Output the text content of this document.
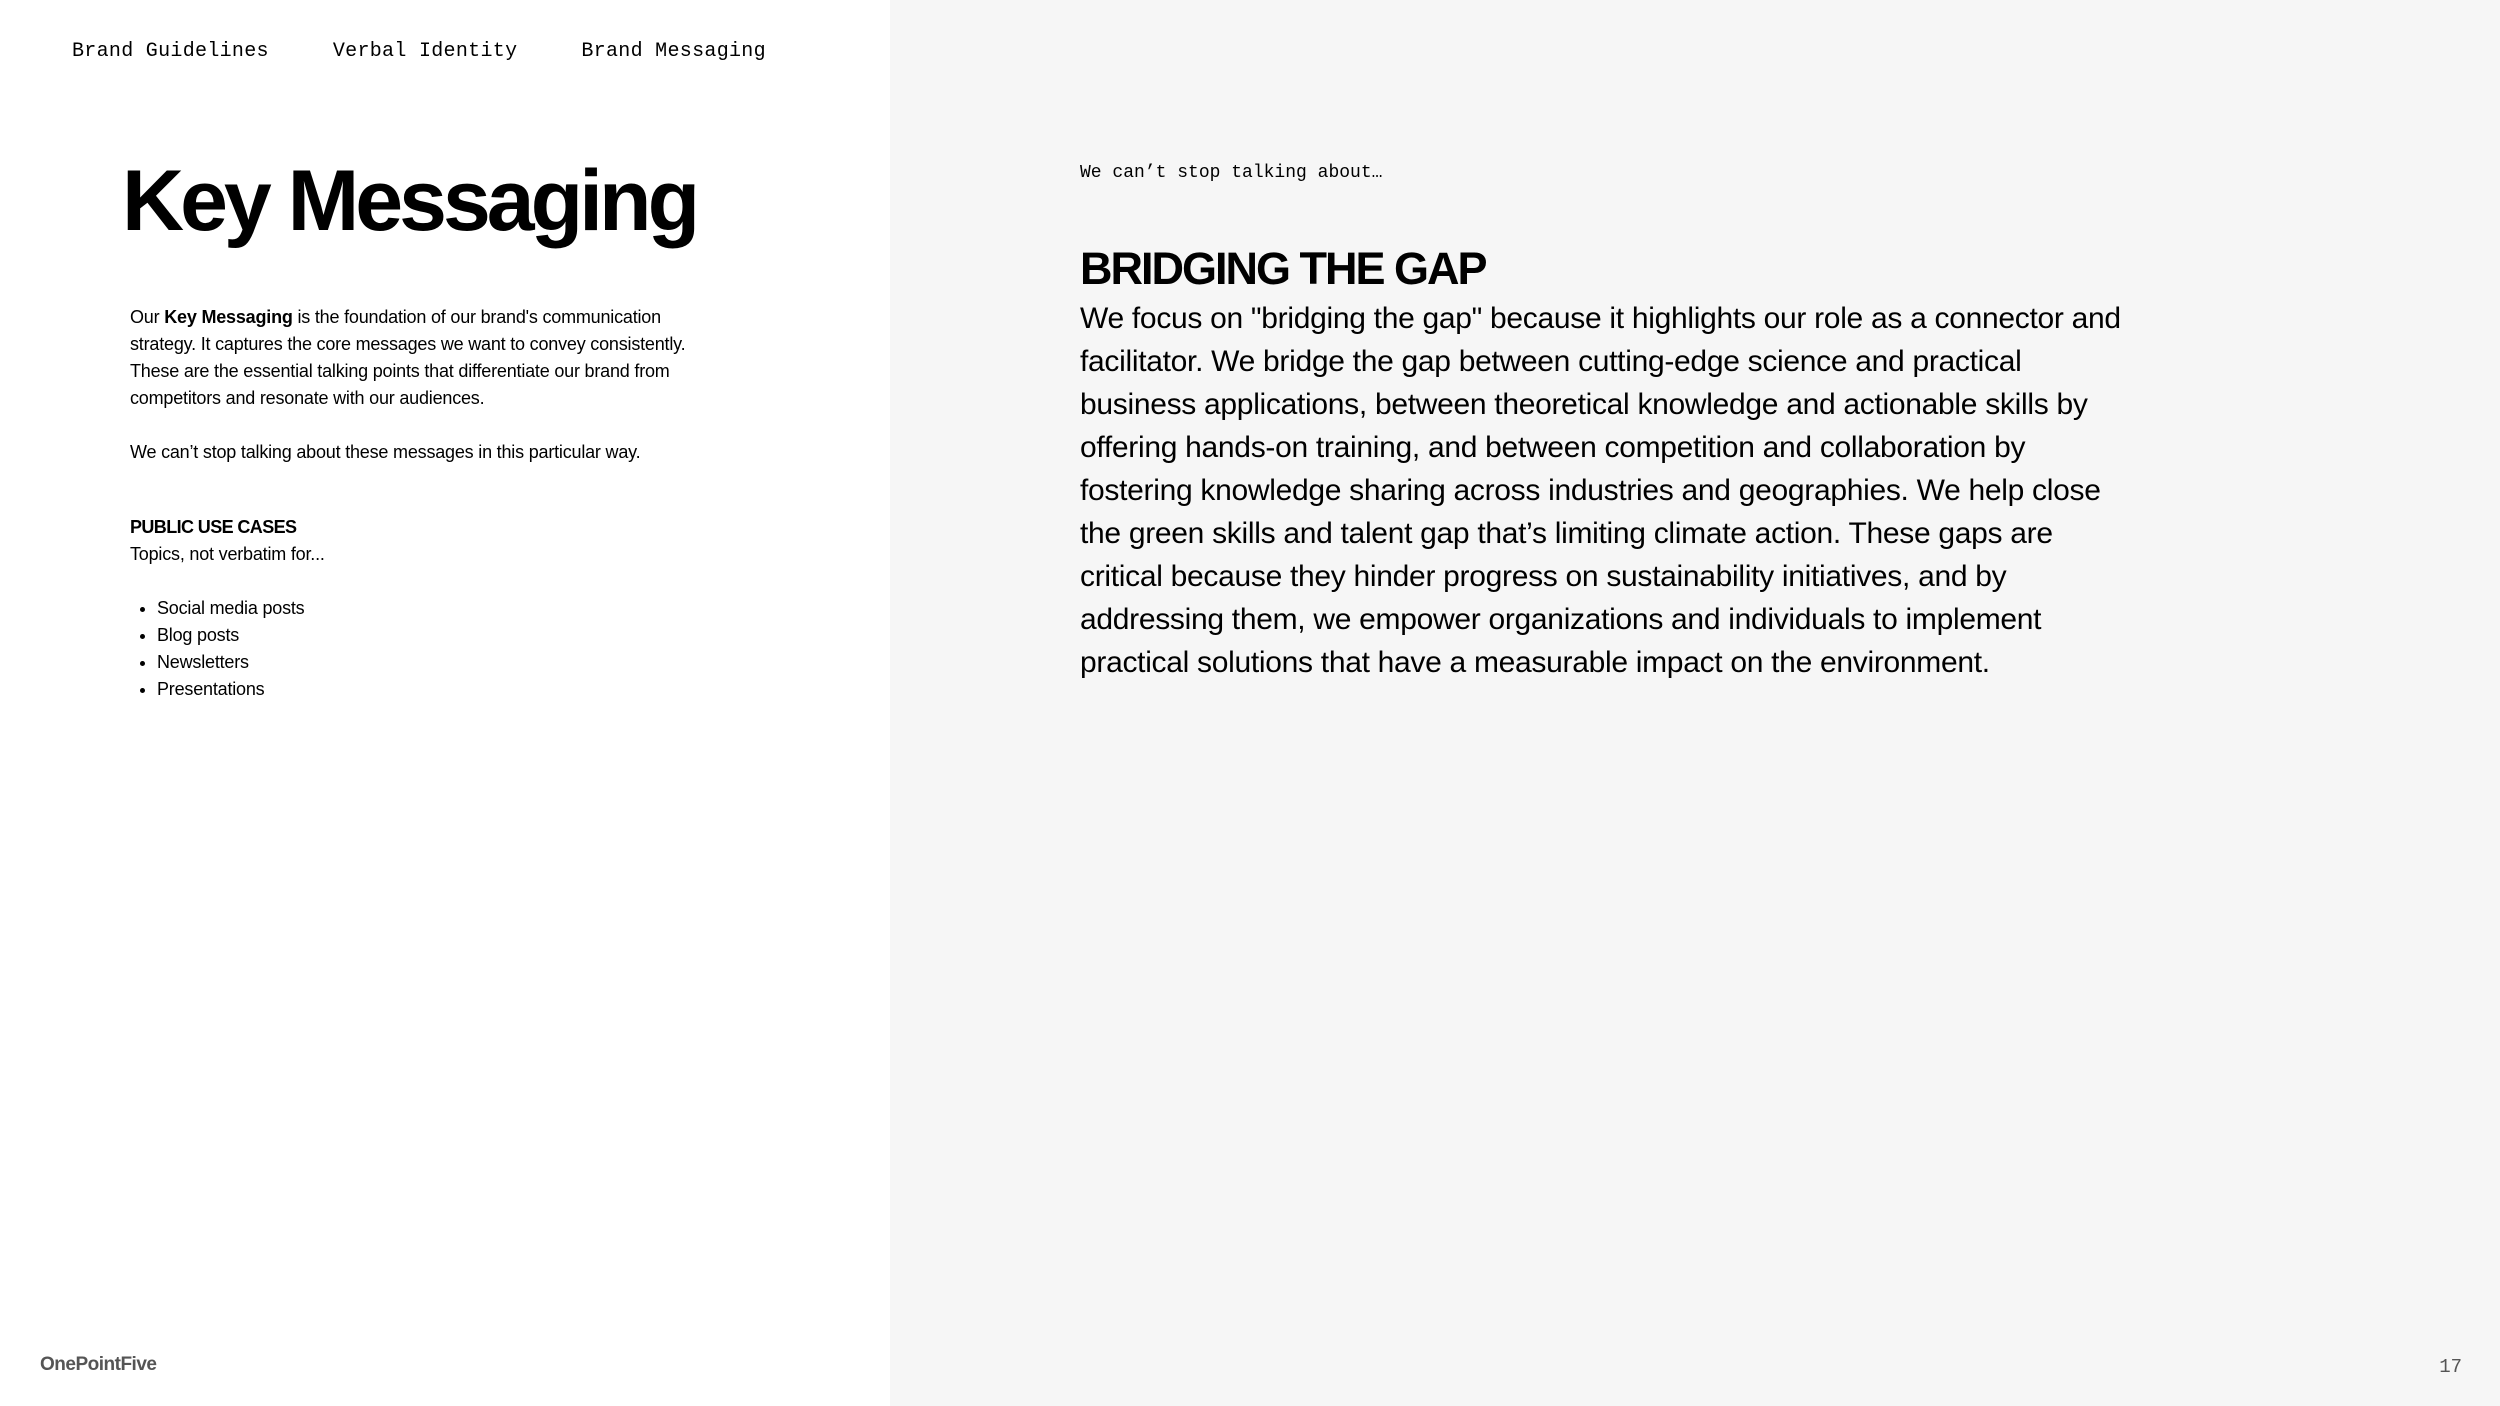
Brand Guidelines	Verbal Identity	Brand Messaging
Key Messaging

Our Key Messaging is the foundation of our brand's communication strategy. It captures the core messages we want to convey consistently. These are the essential talking points that differentiate our brand from competitors and resonate with our audiences.

We can’t stop talking about these messages in this particular way.

PUBLIC USE CASES
Topics, not verbatim for...
• Social media posts
• Blog posts
• Newsletters
• Presentations
OnePointFive
We can’t stop talking about…
BRIDGING THE GAP

We focus on "bridging the gap" because it highlights our role as a connector and facilitator. We bridge the gap between cutting-edge science and practical business applications, between theoretical knowledge and actionable skills by offering hands-on training, and between competition and collaboration by fostering knowledge sharing across industries and geographies. We help close the green skills and talent gap that’s limiting climate action. These gaps are critical because they hinder progress on sustainability initiatives, and by addressing them, we empower organizations and individuals to implement practical solutions that have a measurable impact on the environment.

17
